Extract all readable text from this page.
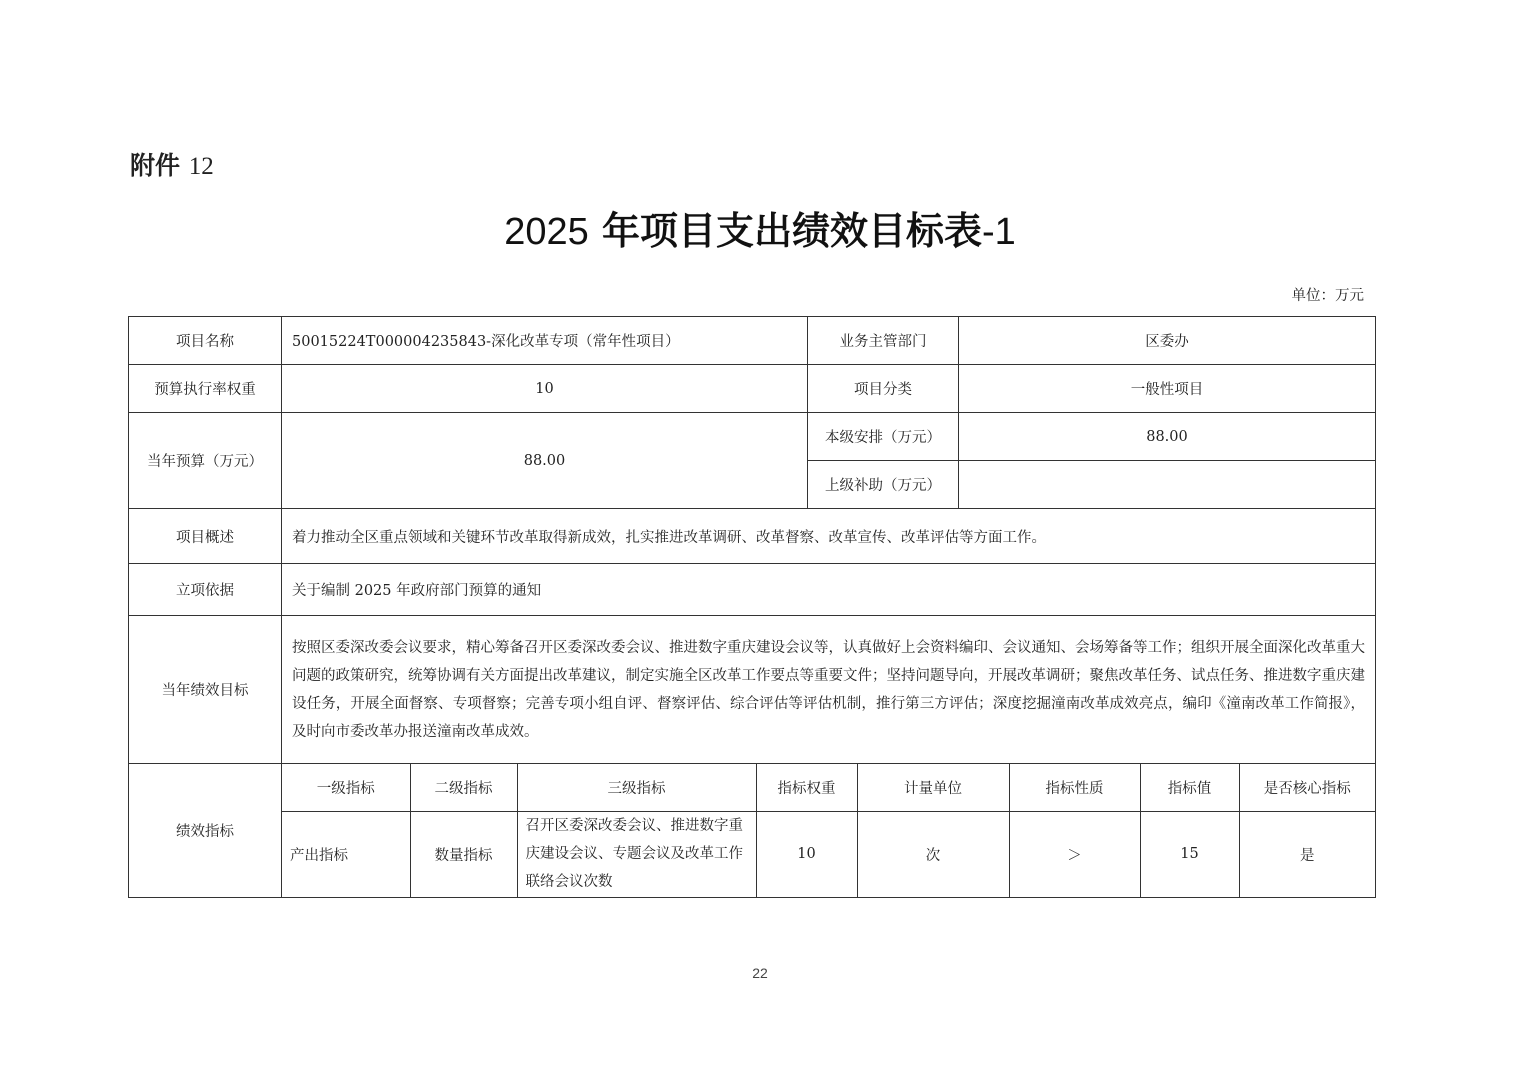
附件 12
2025 年项目支出绩效目标表-1
单位：万元
项目名称	50015224T000004235843-深化改革专项（常年性项目）	业务主管部门	区委办
预算执行率权重	10	项目分类	一般性项目
当年预算（万元）	88.00	本级安排（万元）	88.00
上级补助（万元）	
项目概述	着力推动全区重点领域和关键环节改革取得新成效，扎实推进改革调研、改革督察、改革宣传、改革评估等方面工作。
立项依据	关于编制 2025 年政府部门预算的通知
当年绩效目标	按照区委深改委会议要求，精心筹备召开区委深改委会议、推进数字重庆建设会议等，认真做好上会资料编印、会议通知、会场筹备等工作；组织开展全面深化改革重大问题的政策研究，统筹协调有关方面提出改革建议，制定实施全区改革工作要点等重要文件；坚持问题导向，开展改革调研；聚焦改革任务、试点任务、推进数字重庆建设任务，开展全面督察、专项督察；完善专项小组自评、督察评估、综合评估等评估机制，推行第三方评估；深度挖掘潼南改革成效亮点，编印《潼南改革工作简报》，及时向市委改革办报送潼南改革成效。
绩效指标	
一级指标	二级指标	三级指标	指标权重	计量单位	指标性质	指标值	是否核心指标
产出指标	数量指标	召开区委深改委会议、推进数字重庆建设会议、专题会议及改革工作联络会议次数	10	次	＞	15	是
22
